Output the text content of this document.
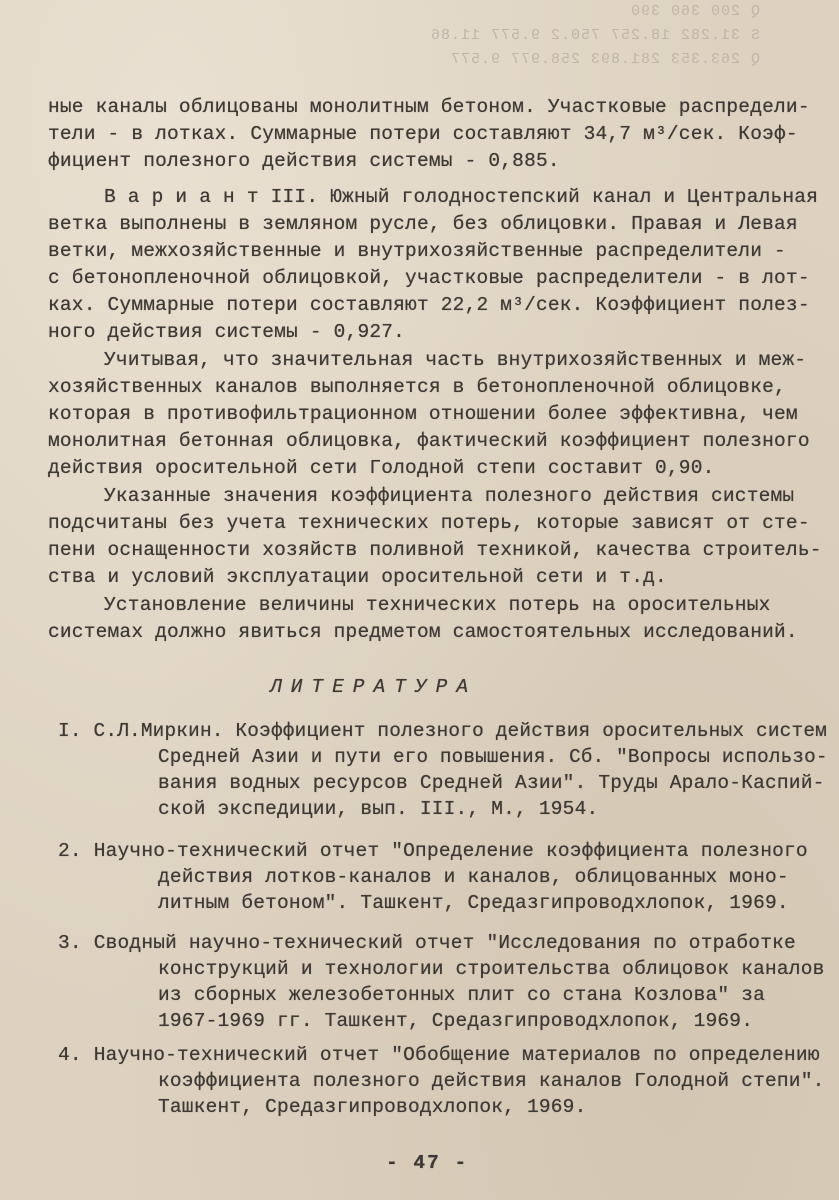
Q 200 360 390
S 31.282 18.257 750.2 9.577 11.86
Q 263.353 281.893 258.977 9.577
ные каналы облицованы монолитным бетоном. Участковые распредели-
тели - в лотках. Суммарные потери составляют 34,7 м³/сек. Коэф-
фициент полезного действия системы - 0,885.
В а р и а н т III. Южный голодностепский канал и Центральная
ветка выполнены в земляном русле, без облицовки. Правая и Левая
ветки, межхозяйственные и внутрихозяйственные распределители -
с бетонопленочной облицовкой, участковые распределители - в лот-
ках. Суммарные потери составляют 22,2 м³/сек. Коэффициент полез-
ного действия системы - 0,927.
Учитывая, что значительная часть внутрихозяйственных и меж-
хозяйственных каналов выполняется в бетонопленочной облицовке,
которая в противофильтрационном отношении более эффективна, чем
монолитная бетонная облицовка, фактический коэффициент полезного
действия оросительной сети Голодной степи составит 0,90.
Указанные значения коэффициента полезного действия системы
подсчитаны без учета технических потерь, которые зависят от сте-
пени оснащенности хозяйств поливной техникой, качества строитель-
ства и условий эксплуатации оросительной сети и т.д.
Установление величины технических потерь на оросительных
системах должно явиться предметом самостоятельных исследований.
ЛИТЕРАТУРА
I. С.Л.Миркин. Коэффициент полезного действия оросительных систем
Средней Азии и пути его повышения. Сб. "Вопросы использо-
вания водных ресурсов Средней Азии". Труды Арало-Каспий-
ской экспедиции, вып. III., М., 1954.
2. Научно-технический отчет "Определение коэффициента полезного
действия лотков-каналов и каналов, облицованных моно-
литным бетоном". Ташкент, Средазгипроводхлопок, 1969.
3. Сводный научно-технический отчет "Исследования по отработке
конструкций и технологии строительства облицовок каналов
из сборных железобетонных плит со стана Козлова" за
1967-1969 гг. Ташкент, Средазгипроводхлопок, 1969.
4. Научно-технический отчет "Обобщение материалов по определению
коэффициента полезного действия каналов Голодной степи".
Ташкент, Средазгипроводхлопок, 1969.
- 47 -
